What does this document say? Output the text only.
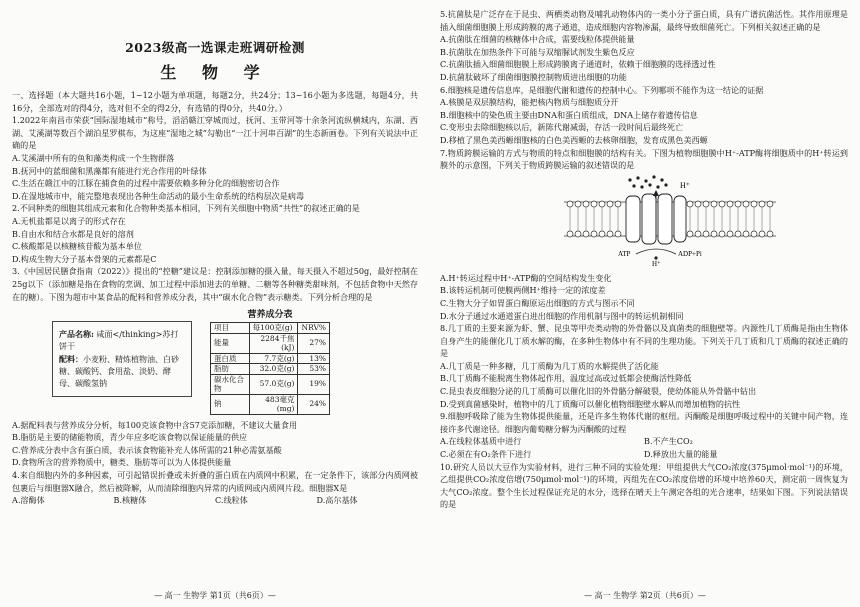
2023级高一选课走班调研检测
生 物 学

一、选择题（本大题共16小题，1~12小题为单项题，每题2分，共24分；13~16小题为多选题，每题4分，共16分，全部选对的得4分，选对但不全的得2分，有选错的得0分，共40分。）

1.2022年南昌市荣获“国际湿地城市”称号，滔滔赣江穿城而过，抚河、玉带河等十余条河流纵横城内，东湖、西湖、艾溪湖等数百个湖泊星罗棋布，为这座“湿地之城”勾勒出“一江十河串百湖”的生态新画卷。下列有关说法中正确的是

A.艾溪湖中所有的鱼和藻类构成一个生物群落

B.抚河中的蓝细菌和黑藻都有能进行光合作用的叶绿体

C.生活在赣江中的江豚在捕食鱼的过程中需要依赖多种分化的细胞密切合作

D.在湿地城市中，能完整地表现出各种生命活动的最小生命系统的结构层次是病毒

2.不同种类的细胞其组成元素和化合物种类基本相同，下列有关细胞中物质“共性”的叙述正确的是

A.无机盐都是以离子的形式存在

B.自由水和结合水都是良好的溶剂

C.核酸都是以核糖核苷酸为基本单位

D.构成生物大分子基本骨架的元素都是C

3.《中国居民膳食指南（2022）》提出的“控糖”建议是：控制添加糖的摄入量，每天摄入不超过50g，最好控制在25g以下（添加糖是指在食物的烹调、加工过程中添加进去的单糖、二糖等各种糖类甜味剂，不包括食物中天然存在的糖）。下图为超市中某食品的配料和营养成分表，其中“碳水化合物”表示糖类。下列分析合理的是

产品名称: 咸面</thinking>苏打饼干
配料：小麦粉、精炼植物油、白砂糖、碳酸钙、食用盐、淡奶、酵母、碳酸氢钠
营养成分表
项目	每100克(g)	NRV%
能量	2284千焦(kJ)	27%
蛋白质	7.7克(g)	13%
脂肪	32.0克(g)	53%
碳水化合物	57.0克(g)	19%
钠	483毫克(mg)	24%

A.据配料表与营养成分分析，每100克该食物中含57克添加糖，不建议大量食用

B.脂肪是主要的储能物质，青少年应多吃该食物以保证能量的供应

C.营养成分表中含有蛋白质，表示该食物能补充人体所需的21种必需氨基酸

D.食物所含的营养物质中，糖类、脂肪等可以为人体提供能量

4.来自细胞内外的多种因素，可引起错误折叠或未折叠的蛋白质在内质网中积累，在一定条件下，该部分内质网被包裹后与细胞器X融合，然后被降解，从而清除细胞内异常的内质网或内质网片段。细胞器X是

A.溶酶体	B.核糖体	C.线粒体	D.高尔基体
— 高一 生物学 第1页（共6页）—

5.抗菌肽是广泛存在于昆虫、两栖类动物及哺乳动物体内的一类小分子蛋白质，具有广谱抗菌活性。其作用原理是插入细菌细胞膜上形成跨膜的离子通道，造成细胞内容物渗漏，最终导致细菌死亡。下列相关叙述正确的是

A.抗菌肽在细菌的核糖体中合成，需要线粒体提供能量

B.抗菌肽在加热条件下可能与双缩脲试剂发生紫色反应

C.抗菌肽插入细菌细胞膜上形成跨膜离子通道时，依赖于细胞膜的选择透过性

D.抗菌肽破坏了细菌细胞膜控制物质进出细胞的功能

6.细胞核是遗传信息库，是细胞代谢和遗传的控制中心。下列哪项不能作为这一结论的证据

A.核膜是双层膜结构，能把核内物质与细胞质分开

B.细胞核中的染色质主要由DNA和蛋白质组成，DNA上储存着遗传信息

C.变形虫去除细胞核以后，新陈代谢减弱，存活一段时间后最终死亡

D.移植了黑色美西螈细胞核的白色美西螈的去核卵细胞，发育成黑色美西螈

7.物质跨膜运输的方式与物质的特点和细胞膜的结构有关。下图为植物细胞膜中H⁺-ATP酶将细胞质中的H⁺转运到膜外的示意图，下列关于物质跨膜运输的叙述错误的是

H⁺
ATP	ADP+Pi
H⁺

A.H⁺转运过程中H⁺-ATP酶的空间结构发生变化

B.该转运机制可使膜两侧H⁺维持一定的浓度差

C.生物大分子如胃蛋白酶原运出细胞的方式与图示不同

D.水分子通过水通道蛋白进出细胞的作用机制与图中的转运机制相同

8.几丁质的主要来源为虾、蟹、昆虫等甲壳类动物的外骨骼以及真菌类的细胞壁等。内源性几丁质酶是指由生物体自身产生的能催化几丁质水解的酶，在多种生物体中有不同的生理功能。下列关于几丁质和几丁质酶的叙述正确的是

A.几丁质是一种多糖，几丁质酶为几丁质的水解提供了活化能

B.几丁质酶不能脱离生物体起作用，温度过高或过低都会使酶活性降低

C.昆虫表皮细胞分泌的几丁质酶可以催化旧的外骨骼分解破裂，使幼体能从外骨骼中钻出

D.受到真菌感染时，植物中的几丁质酶可以催化植物细胞壁水解从而增加植物的抗性

9.细胞呼吸除了能为生物体提供能量，还是许多生物体代谢的枢纽。丙酮酸是细胞呼吸过程中的关键中间产物，连接许多代谢途径。细胞内葡萄糖分解为丙酮酸的过程

A.在线粒体基质中进行	B.不产生CO₂
C.必须在有O₂条件下进行	D.释放出大量的能量

10.研究人员以大豆作为实验材料，进行三种不同的实验处理：甲组提供大气CO₂浓度(375μmol·mol⁻¹)的环境，乙组提供CO₂浓度倍增(750μmol·mol⁻¹)的环境，丙组先在CO₂浓度倍增的环境中培养60天，测定前一周恢复为大气CO₂浓度。整个生长过程保证充足的水分，选择在晴天上午测定各组的光合速率，结果如下图。下列说法错误的是

— 高一 生物学 第2页（共6页）—
